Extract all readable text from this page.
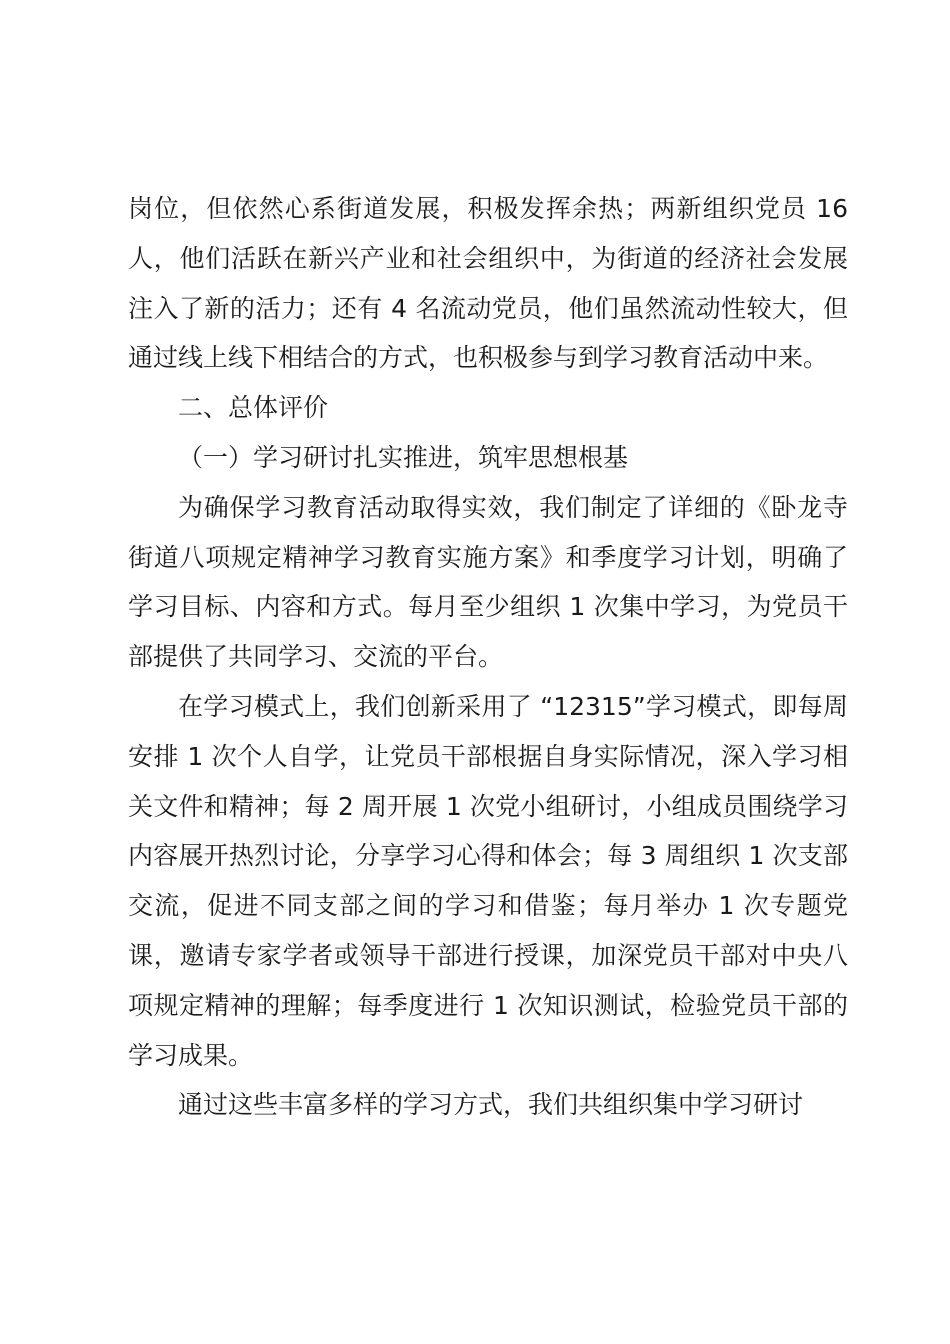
岗位，但依然心系街道发展，积极发挥余热；两新组织党员 16 人，他们活跃在新兴产业和社会组织中，为街道的经济社会发展注入了新的活力；还有 4 名流动党员，他们虽然流动性较大，但通过线上线下相结合的方式，也积极参与到学习教育活动中来。

二、总体评价

（一）学习研讨扎实推进，筑牢思想根基

为确保学习教育活动取得实效，我们制定了详细的《卧龙寺街道八项规定精神学习教育实施方案》和季度学习计划，明确了学习目标、内容和方式。每月至少组织 1 次集中学习，为党员干部提供了共同学习、交流的平台。

在学习模式上，我们创新采用了 “12315”学习模式，即每周安排 1 次个人自学，让党员干部根据自身实际情况，深入学习相关文件和精神；每 2 周开展 1 次党小组研讨，小组成员围绕学习内容展开热烈讨论，分享学习心得和体会；每 3 周组织 1 次支部交流，促进不同支部之间的学习和借鉴；每月举办 1 次专题党课，邀请专家学者或领导干部进行授课，加深党员干部对中央八项规定精神的理解；每季度进行 1 次知识测试，检验党员干部的学习成果。

通过这些丰富多样的学习方式，我们共组织集中学习研讨
